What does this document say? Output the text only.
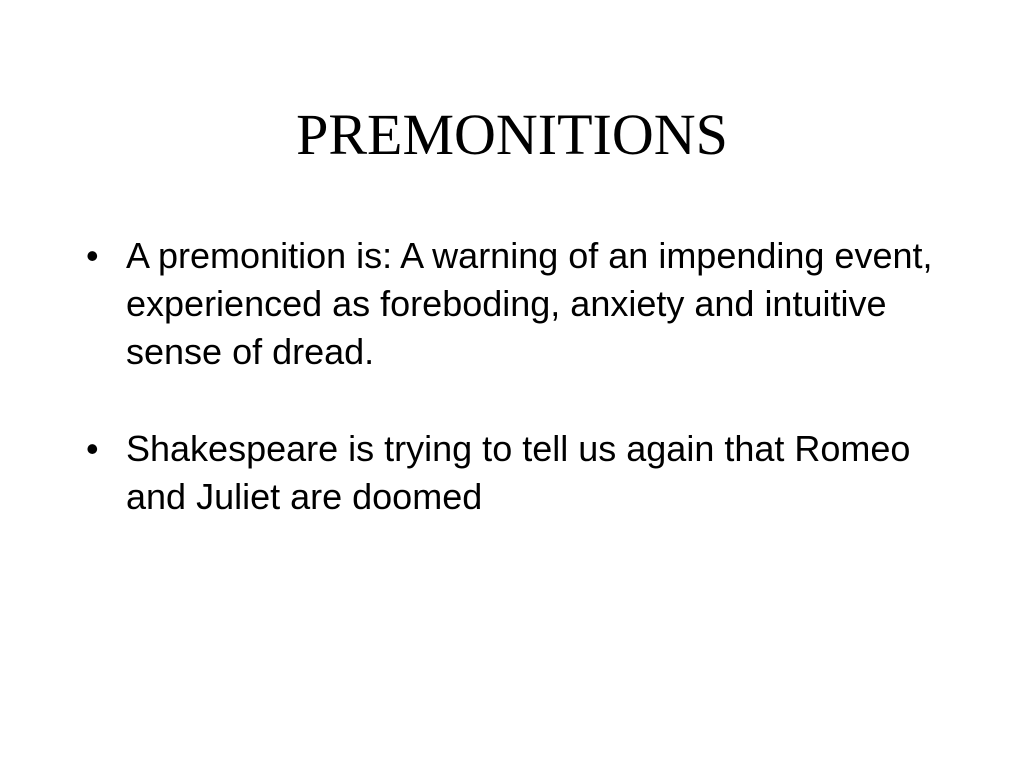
PREMONITIONS
• A premonition is: A warning of an impending event, experienced as foreboding, anxiety and intuitive sense of dread.
• Shakespeare is trying to tell us again that Romeo and Juliet are doomed
